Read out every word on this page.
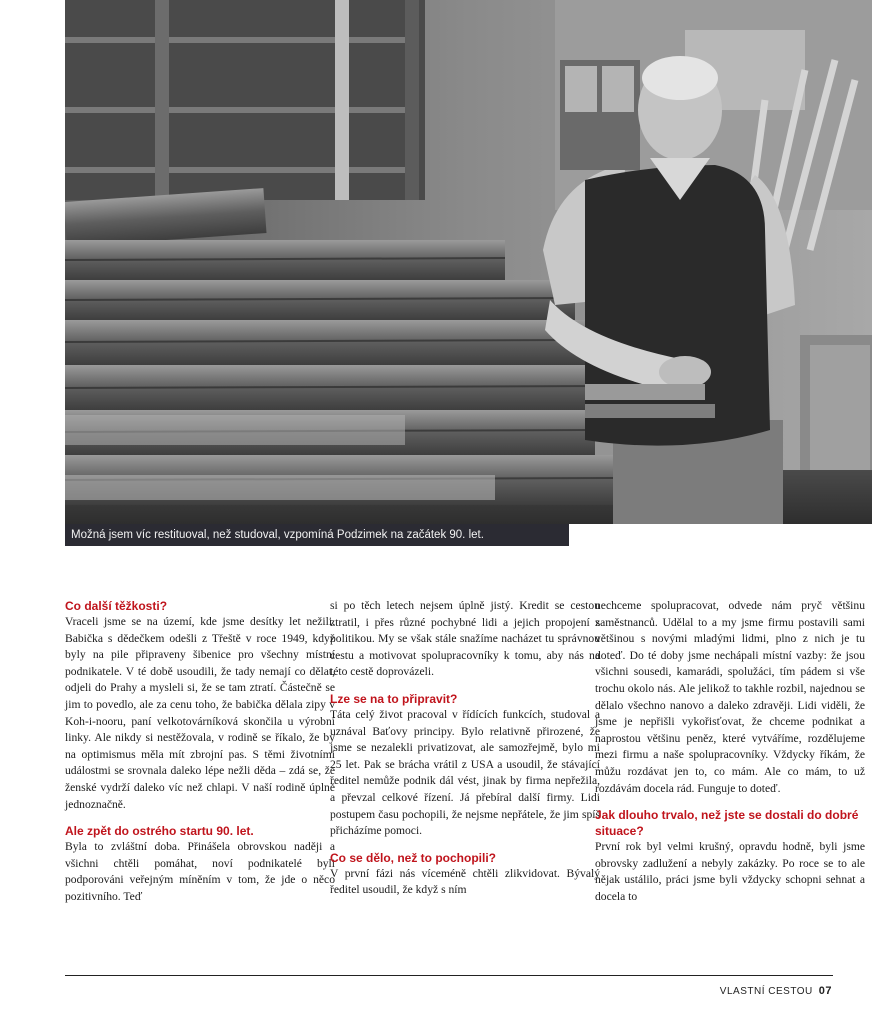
Možná jsem víc restituoval, než studoval, vzpomíná Podzimek na začátek 90. let.
Co další těžkosti?

Vraceli jsme se na území, kde jsme desítky let nežili. Babička s dědečkem odešli z Třeště v roce 1949, když byly na pile připraveny šibenice pro všechny místní podnikatele. V té době usoudili, že tady nemají co dělat, odjeli do Prahy a mysleli si, že se tam ztratí. Částečně se jim to povedlo, ale za cenu toho, že babička dělala zipy v Koh-i-nooru, paní velkotovárníková skončila u výrobní linky. Ale nikdy si nestěžovala, v rodině se říkalo, že by na optimismus měla mít zbrojní pas. S těmi životními událostmi se srovnala daleko lépe nežli děda – zdá se, že ženské vydrží daleko víc než chlapi. V naší rodině úplně jednoznačně.

Ale zpět do ostrého startu 90. let.

Byla to zvláštní doba. Přinášela obrovskou naději a všichni chtěli pomáhat, noví podnikatelé byli podporováni veřejným míněním v tom, že jde o něco pozitivního. Teď

si po těch letech nejsem úplně jistý. Kredit se cestou ztratil, i přes různé pochybné lidi a jejich propojení s politikou. My se však stále snažíme nacházet tu správnou cestu a motivovat spolupracovníky k tomu, aby nás na této cestě doprovázeli.

Lze se na to připravit?

Táta celý život pracoval v řídících funkcích, studoval a uznával Baťovy principy. Bylo relativně přirozené, že jsme se nezalekli privatizovat, ale samozřejmě, bylo mi 25 let. Pak se brácha vrátil z USA a usoudil, že stávající ředitel nemůže podnik dál vést, jinak by firma nepřežila, a převzal celkové řízení. Já přebíral další firmy. Lidi postupem času pochopili, že nejsme nepřátele, že jim spíš přicházíme pomoci.

Co se dělo, než to pochopili?

V první fázi nás víceméně chtěli zlikvidovat. Bývalý ředitel usoudil, že když s ním

nechceme spolupracovat, odvede nám pryč většinu zaměstnanců. Udělal to a my jsme firmu postavili sami většinou s novými mladými lidmi, plno z nich je tu doteď. Do té doby jsme nechápali místní vazby: že jsou všichni sousedi, kamarádi, spolužáci, tím pádem si vše trochu okolo nás. Ale jelikož to takhle rozbil, najednou se dělalo všechno nanovo a daleko zdravěji. Lidi viděli, že jsme je nepřišli vykořisťovat, že chceme podnikat a naprostou většinu peněz, které vytváříme, rozdělujeme mezi firmu a naše spolupracovníky. Vždycky říkám, že můžu rozdávat jen to, co mám. Ale co mám, to už rozdávám docela rád. Funguje to doteď.

Jak dlouho trvalo, než jste se dostali do dobré situace?

První rok byl velmi krušný, opravdu hodně, byli jsme obrovsky zadlužení a nebyly zakázky. Po roce se to ale nějak ustálilo, práci jsme byli vždycky schopni sehnat a docela to

VLASTNÍ CESTOU 07
